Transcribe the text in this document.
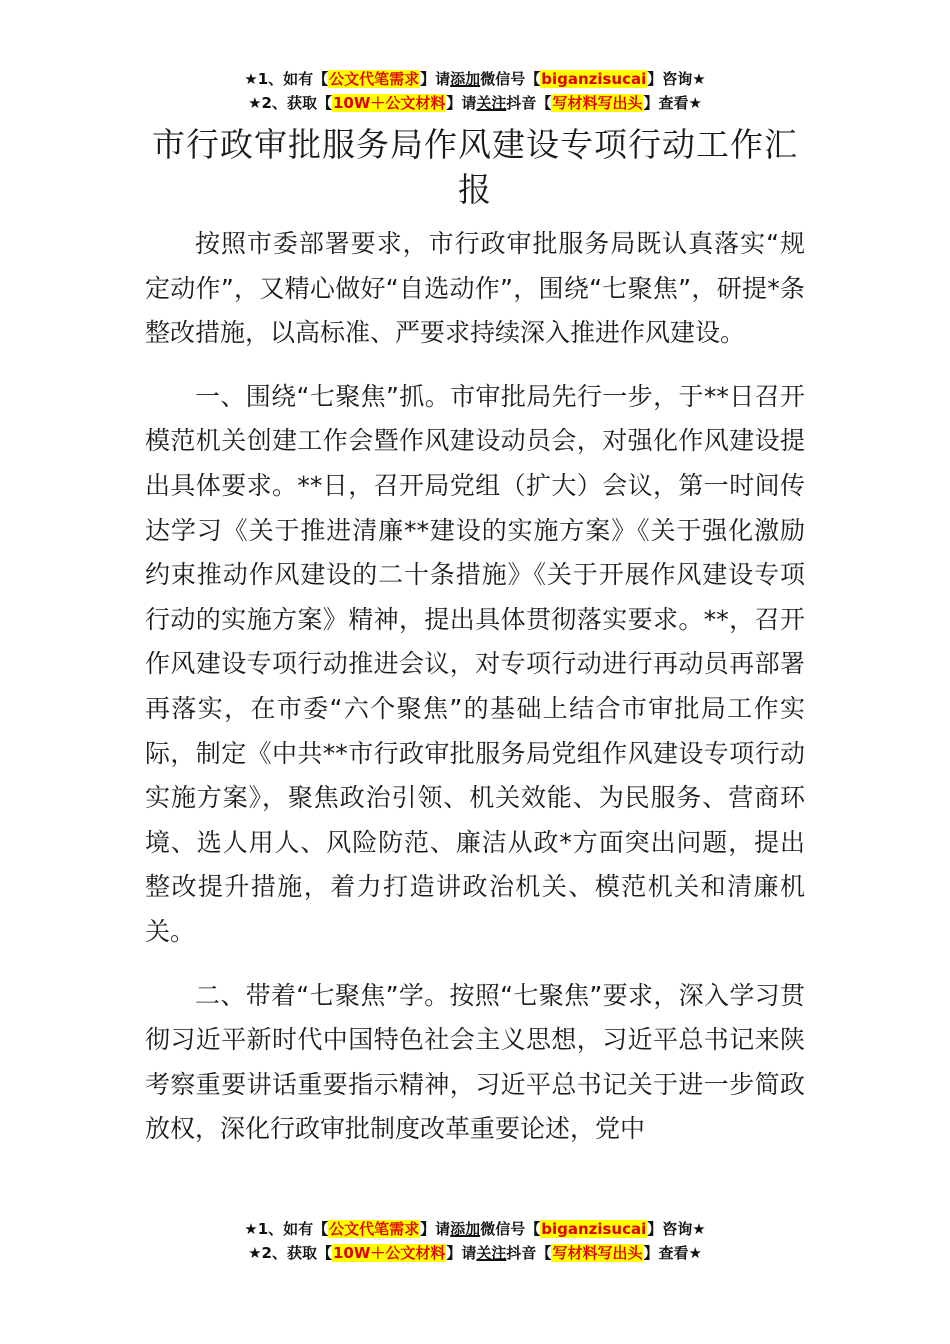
★1、如有【公文代笔需求】请添加微信号【biganzisucai】咨询★
★2、获取【10W＋公文材料】请关注抖音【写材料写出头】查看★
市行政审批服务局作风建设专项行动工作汇报

按照市委部署要求，市行政审批服务局既认真落实“规定动作”，又精心做好“自选动作”，围绕“七聚焦”，研提*条整改措施，以高标准、严要求持续深入推进作风建设。

一、围绕“七聚焦”抓。市审批局先行一步，于**日召开模范机关创建工作会暨作风建设动员会，对强化作风建设提出具体要求。**日，召开局党组（扩大）会议，第一时间传达学习《关于推进清廉**建设的实施方案》《关于强化激励约束推动作风建设的二十条措施》《关于开展作风建设专项行动的实施方案》精神，提出具体贯彻落实要求。**，召开作风建设专项行动推进会议，对专项行动进行再动员再部署再落实，在市委“六个聚焦”的基础上结合市审批局工作实际，制定《中共**市行政审批服务局党组作风建设专项行动实施方案》，聚焦政治引领、机关效能、为民服务、营商环境、选人用人、风险防范、廉洁从政*方面突出问题，提出整改提升措施，着力打造讲政治机关、模范机关和清廉机关。

二、带着“七聚焦”学。按照“七聚焦”要求，深入学习贯彻习近平新时代中国特色社会主义思想，习近平总书记来陕考察重要讲话重要指示精神，习近平总书记关于进一步简政放权，深化行政审批制度改革重要论述，党中

★1、如有【公文代笔需求】请添加微信号【biganzisucai】咨询★
★2、获取【10W＋公文材料】请关注抖音【写材料写出头】查看★
